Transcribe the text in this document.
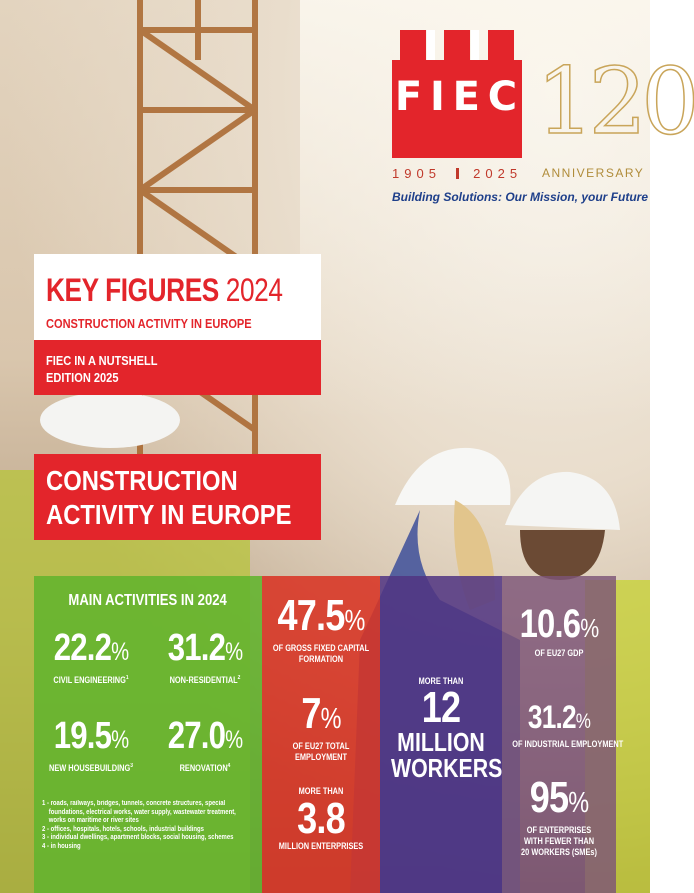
F I E C 120
1905 2025 ANNIVERSARY
Building Solutions: Our Mission, your Future
KEY FIGURES 2024
CONSTRUCTION ACTIVITY IN EUROPE
FIEC IN A NUTSHELL
EDITION 2025
CONSTRUCTION
ACTIVITY IN EUROPE
MAIN ACTIVITIES IN 2024
22.2%
CIVIL ENGINEERING$^1$
31.2%
NON-RESIDENTIAL$^2$
19.5%
NEW HOUSEBUILDING$^3$
27.0%
RENOVATION$^4$
1 - roads, railways, bridges, tunnels, concrete structures, special
foundations, electrical works, water supply, wastewater treatment,
works on maritime or river sites
2 - offices, hospitals, hotels, schools, industrial buildings
3 - individual dwellings, apartment blocks, social housing, schemes
4 - in housing
47.5%
OF GROSS FIXED CAPITAL
FORMATION
7%
OF EU27 TOTAL
EMPLOYMENT
MORE THAN
3.8
MILLION ENTERPRISES
MORE THAN
12
MILLION
WORKERS
10.6%
OF EU27 GDP
31.2%
OF INDUSTRIAL EMPLOYMENT
95%
OF ENTERPRISES
WITH FEWER THAN
20 WORKERS (SMEs)
